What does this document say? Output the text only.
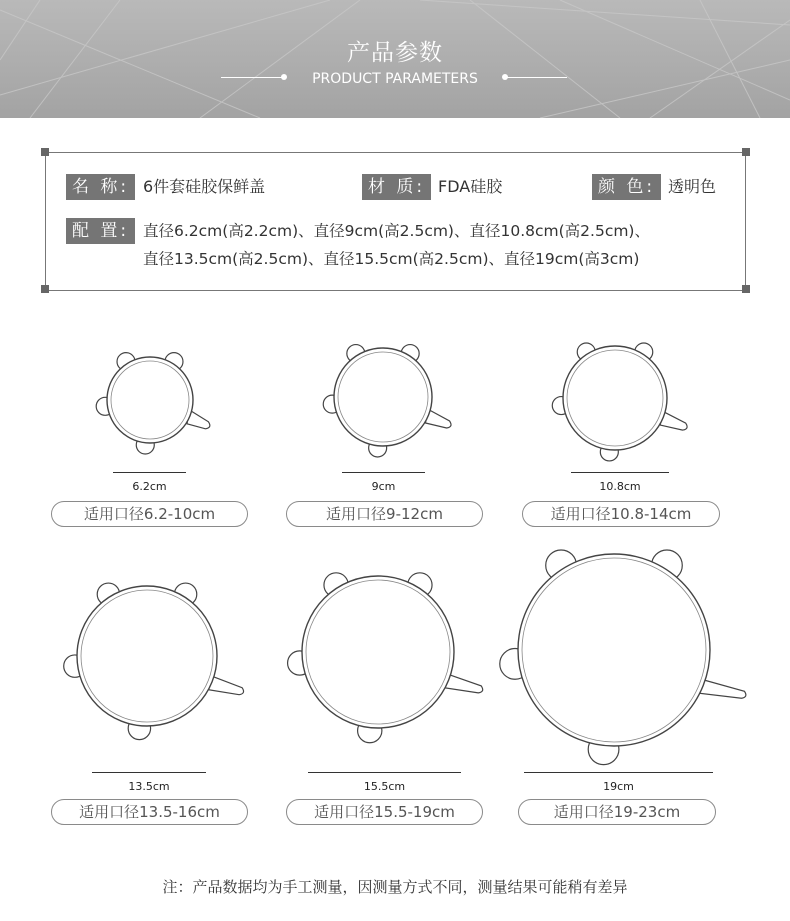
产品参数
PRODUCT PARAMETERS
名 称: 6件套硅胶保鲜盖	材 质: FDA硅胶	颜 色: 透明色
配 置: 直径6.2cm(高2.2cm)、直径9cm(高2.5cm)、直径10.8cm(高2.5cm)、
直径13.5cm(高2.5cm)、直径15.5cm(高2.5cm)、直径19cm(高3cm)
6.2cm
适用口径6.2-10cm
9cm
适用口径9-12cm
10.8cm
适用口径10.8-14cm
13.5cm
适用口径13.5-16cm
15.5cm
适用口径15.5-19cm
19cm
适用口径19-23cm
注：产品数据均为手工测量，因测量方式不同，测量结果可能稍有差异
